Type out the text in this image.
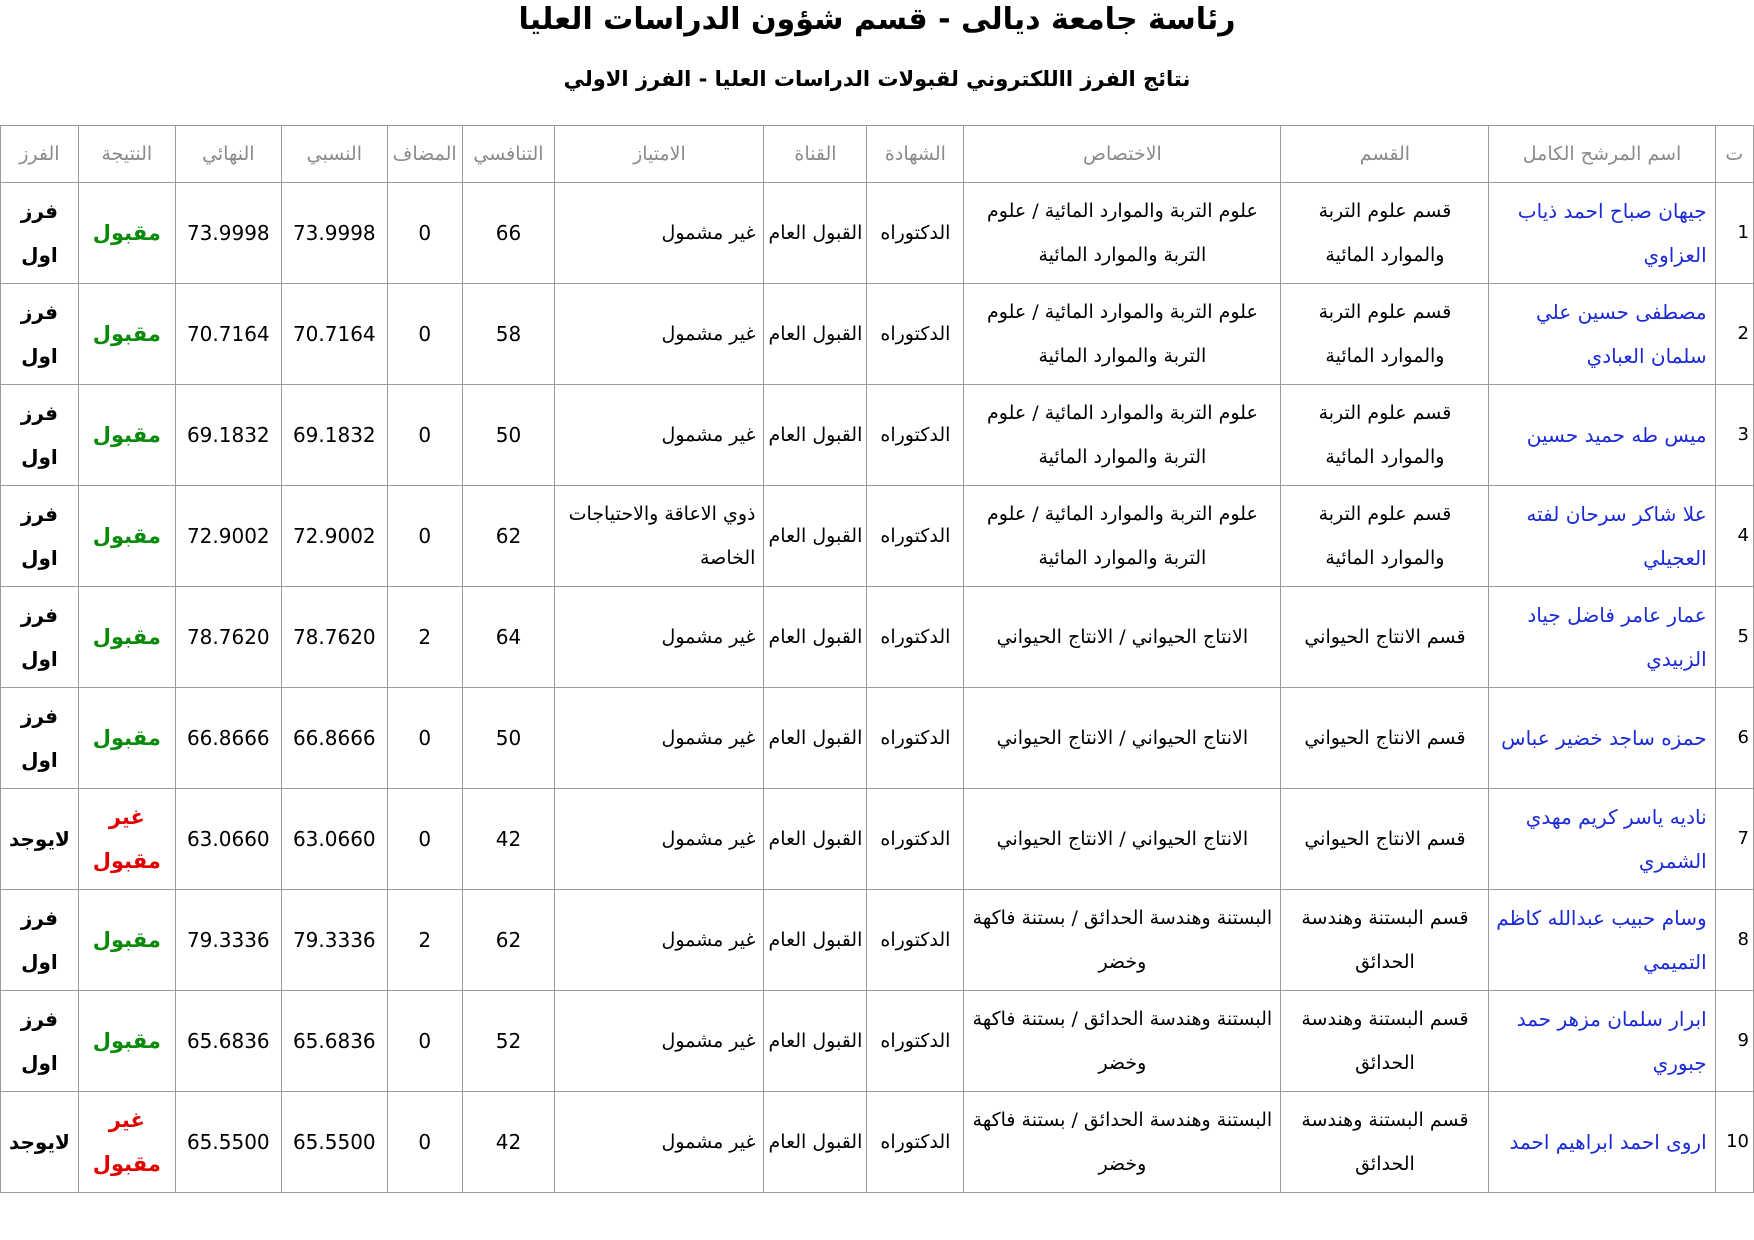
رئاسة جامعة ديالى - قسم شؤون الدراسات العليا
نتائج الفرز االلكتروني لقبولات الدراسات العليا - الفرز الاولي
ت	اسم المرشح الكامل	القسم	الاختصاص	الشهادة	القناة	الامتياز	التنافسي	المضاف	النسبي	النهائي	النتيجة	الفرز
1	جيهان صباح احمد ذياب العزاوي	قسم علوم التربة والموارد المائية	علوم التربة والموارد المائية / علوم التربة والموارد المائية	الدكتوراه	القبول العام	غير مشمول	66	0	73.9998	73.9998	مقبول	فرز اول
2	مصطفى حسين علي سلمان العبادي	قسم علوم التربة والموارد المائية	علوم التربة والموارد المائية / علوم التربة والموارد المائية	الدكتوراه	القبول العام	غير مشمول	58	0	70.7164	70.7164	مقبول	فرز اول
3	ميس طه حميد حسين	قسم علوم التربة والموارد المائية	علوم التربة والموارد المائية / علوم التربة والموارد المائية	الدكتوراه	القبول العام	غير مشمول	50	0	69.1832	69.1832	مقبول	فرز اول
4	علا شاكر سرحان لفته العجيلي	قسم علوم التربة والموارد المائية	علوم التربة والموارد المائية / علوم التربة والموارد المائية	الدكتوراه	القبول العام	ذوي الاعاقة والاحتياجات الخاصة	62	0	72.9002	72.9002	مقبول	فرز اول
5	عمار عامر فاضل جياد الزبيدي	قسم الانتاج الحيواني	الانتاج الحيواني / الانتاج الحيواني	الدكتوراه	القبول العام	غير مشمول	64	2	78.7620	78.7620	مقبول	فرز اول
6	حمزه ساجد خضير عباس	قسم الانتاج الحيواني	الانتاج الحيواني / الانتاج الحيواني	الدكتوراه	القبول العام	غير مشمول	50	0	66.8666	66.8666	مقبول	فرز اول
7	ناديه ياسر كريم مهدي الشمري	قسم الانتاج الحيواني	الانتاج الحيواني / الانتاج الحيواني	الدكتوراه	القبول العام	غير مشمول	42	0	63.0660	63.0660	غير مقبول	لايوجد
8	وسام حبيب عبدالله كاظم التميمي	قسم البستنة وهندسة الحدائق	البستنة وهندسة الحدائق / بستنة فاكهة وخضر	الدكتوراه	القبول العام	غير مشمول	62	2	79.3336	79.3336	مقبول	فرز اول
9	ابرار سلمان مزهر حمد جبوري	قسم البستنة وهندسة الحدائق	البستنة وهندسة الحدائق / بستنة فاكهة وخضر	الدكتوراه	القبول العام	غير مشمول	52	0	65.6836	65.6836	مقبول	فرز اول
10	اروى احمد ابراهيم احمد	قسم البستنة وهندسة الحدائق	البستنة وهندسة الحدائق / بستنة فاكهة وخضر	الدكتوراه	القبول العام	غير مشمول	42	0	65.5500	65.5500	غير مقبول	لايوجد
